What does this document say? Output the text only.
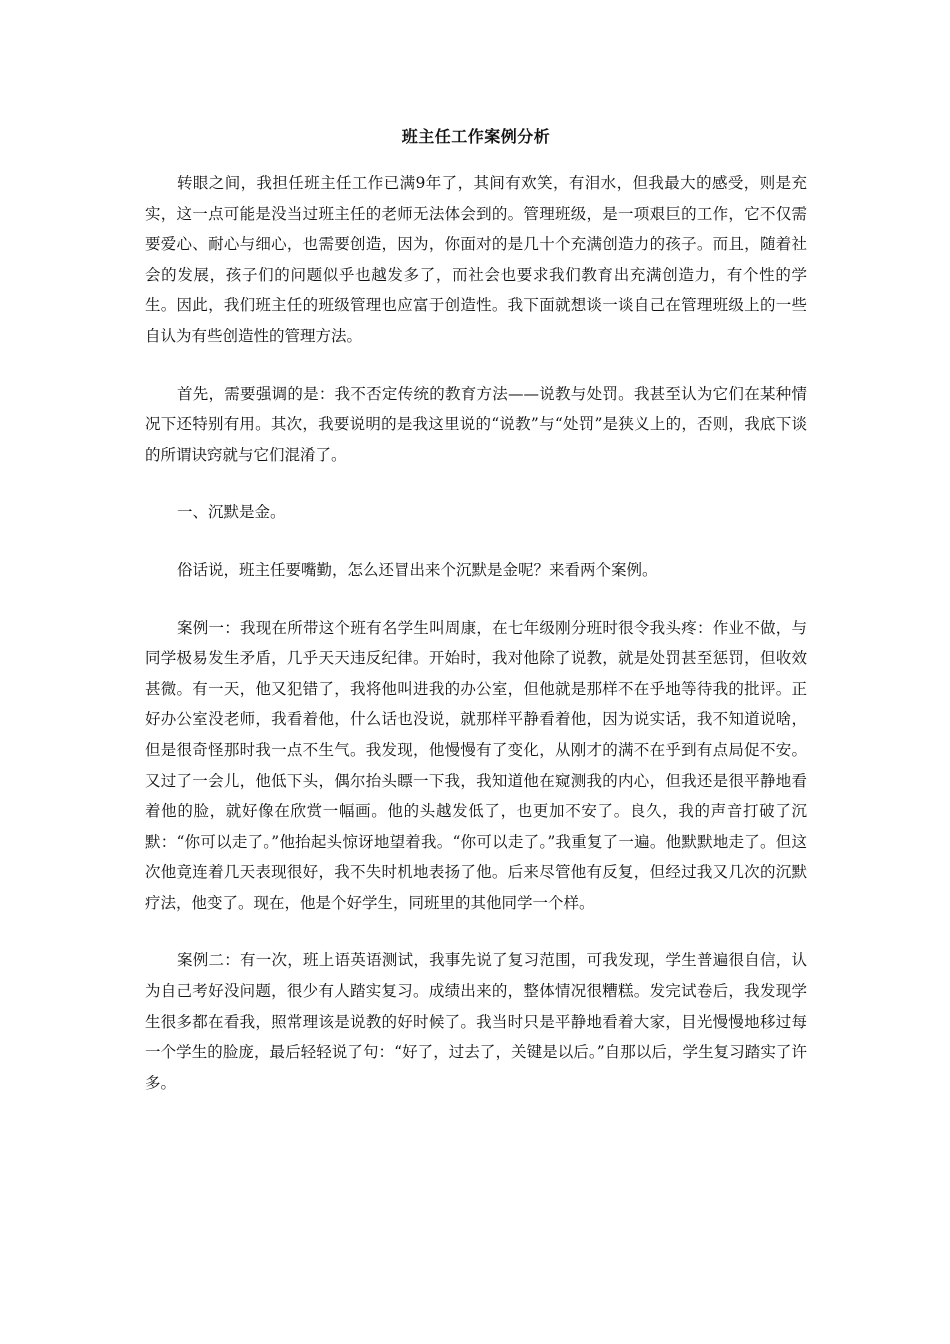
班主任工作案例分析

转眼之间，我担任班主任工作已满9年了，其间有欢笑，有泪水，但我最大的感受，则是充实，这一点可能是没当过班主任的老师无法体会到的。管理班级，是一项艰巨的工作，它不仅需要爱心、耐心与细心，也需要创造，因为，你面对的是几十个充满创造力的孩子。而且，随着社会的发展，孩子们的问题似乎也越发多了，而社会也要求我们教育出充满创造力，有个性的学生。因此，我们班主任的班级管理也应富于创造性。我下面就想谈一谈自己在管理班级上的一些自认为有些创造性的管理方法。

首先，需要强调的是：我不否定传统的教育方法——说教与处罚。我甚至认为它们在某种情况下还特别有用。其次，我要说明的是我这里说的“说教”与“处罚”是狭义上的，否则，我底下谈的所谓诀窍就与它们混淆了。

一、沉默是金。

俗话说，班主任要嘴勤，怎么还冒出来个沉默是金呢？来看两个案例。

案例一：我现在所带这个班有名学生叫周康，在七年级刚分班时很令我头疼：作业不做，与同学极易发生矛盾，几乎天天违反纪律。开始时，我对他除了说教，就是处罚甚至惩罚，但收效甚微。有一天，他又犯错了，我将他叫进我的办公室，但他就是那样不在乎地等待我的批评。正好办公室没老师，我看着他，什么话也没说，就那样平静看着他，因为说实话，我不知道说啥，但是很奇怪那时我一点不生气。我发现，他慢慢有了变化，从刚才的满不在乎到有点局促不安。又过了一会儿，他低下头，偶尔抬头瞟一下我，我知道他在窥测我的内心，但我还是很平静地看着他的脸，就好像在欣赏一幅画。他的头越发低了，也更加不安了。良久，我的声音打破了沉默：“你可以走了。”他抬起头惊讶地望着我。“你可以走了。”我重复了一遍。他默默地走了。但这次他竟连着几天表现很好，我不失时机地表扬了他。后来尽管他有反复，但经过我又几次的沉默疗法，他变了。现在，他是个好学生，同班里的其他同学一个样。

案例二：有一次，班上语英语测试，我事先说了复习范围，可我发现，学生普遍很自信，认为自己考好没问题，很少有人踏实复习。成绩出来的，整体情况很糟糕。发完试卷后，我发现学生很多都在看我，照常理该是说教的好时候了。我当时只是平静地看着大家，目光慢慢地移过每一个学生的脸庞，最后轻轻说了句：“好了，过去了，关键是以后。”自那以后，学生复习踏实了许多。
